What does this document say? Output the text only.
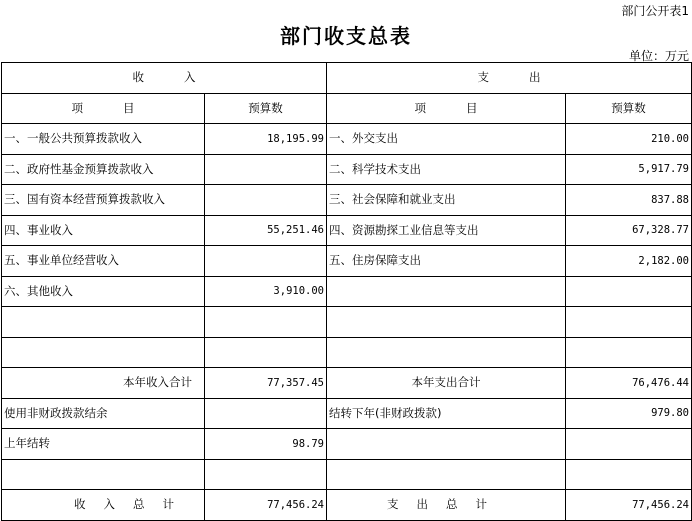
部门公开表1
部门收支总表
单位：万元
收入		支出	
项目	预算数	项目	预算数
一、一般公共预算拨款收入	18,195.99	一、外交支出	210.00
二、政府性基金预算拨款收入		二、科学技术支出	5,917.79
三、国有资本经营预算拨款收入		三、社会保障和就业支出	837.88
四、事业收入	55,251.46	四、资源勘探工业信息等支出	67,328.77
五、事业单位经营收入		五、住房保障支出	2,182.00
六、其他收入	3,910.00		

本年收入合计	77,357.45	本年支出合计	76,476.44
使用非财政拨款结余		结转下年(非财政拨款)	979.80
上年结转	98.79		

收入总计	77,456.24	支出总计	77,456.24
